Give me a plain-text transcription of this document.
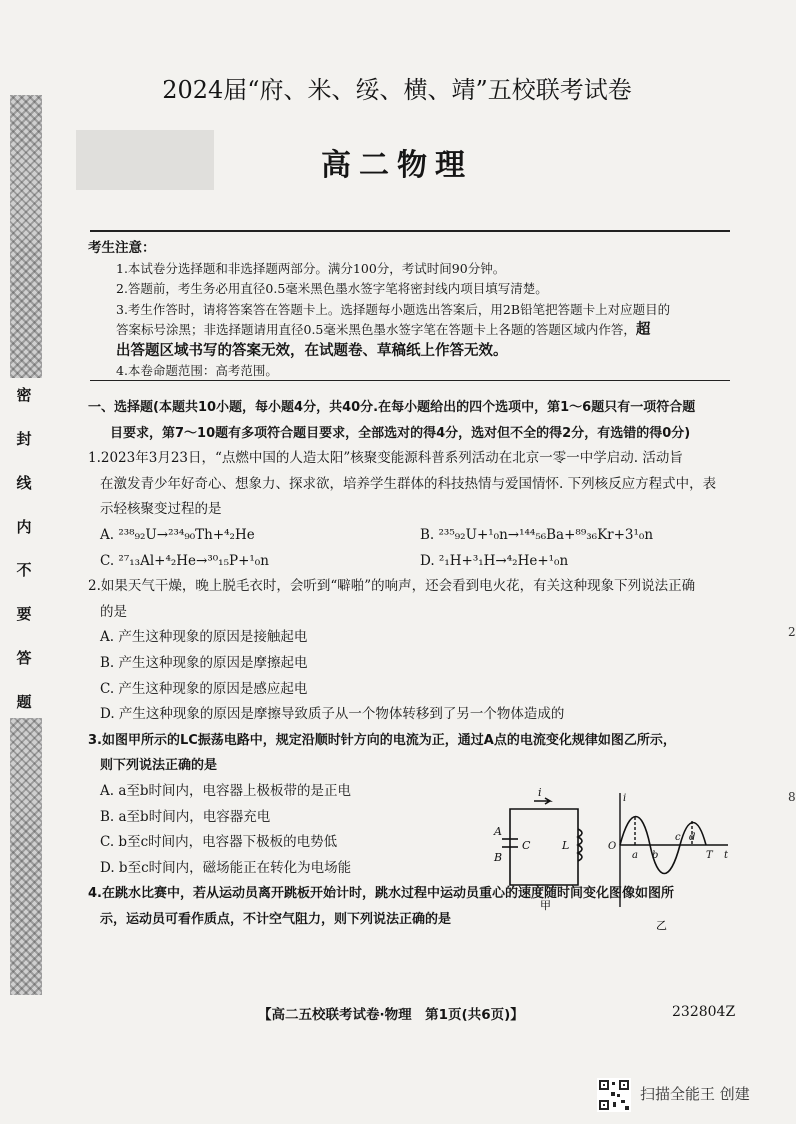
密
封
线
内
不
要
答
题
2024届“府、米、绥、横、靖”五校联考试卷
高二物理
考生注意：
1.本试卷分选择题和非选择题两部分。满分100分，考试时间90分钟。
2.答题前，考生务必用直径0.5毫米黑色墨水签字笔将密封线内项目填写清楚。
3.考生作答时，请将答案答在答题卡上。选择题每小题选出答案后，用2B铅笔把答题卡上对应题目的
答案标号涂黑；非选择题请用直径0.5毫米黑色墨水签字笔在答题卡上各题的答题区域内作答，超
出答题区域书写的答案无效，在试题卷、草稿纸上作答无效。
4.本卷命题范围：高考范围。

一、选择题(本题共10小题，每小题4分，共40分.在每小题给出的四个选项中，第1～6题只有一项符合题

目要求，第7～10题有多项符合题目要求，全部选对的得4分，选对但不全的得2分，有选错的得0分)

1.2023年3月23日，“点燃中国的人造太阳”核聚变能源科普系列活动在北京一零一中学启动. 活动旨

在激发青少年好奇心、想象力、探求欲，培养学生群体的科技热情与爱国情怀. 下列核反应方程式中，表

示轻核聚变过程的是

A. ²³⁸₉₂U→²³⁴₉₀Th+⁴₂He	B. ²³⁵₉₂U+¹₀n→¹⁴⁴₅₆Ba+⁸⁹₃₆Kr+3¹₀n
C. ²⁷₁₃Al+⁴₂He→³⁰₁₅P+¹₀n	D. ²₁H+³₁H→⁴₂He+¹₀n

2.如果天气干燥，晚上脱毛衣时，会听到“噼啪”的响声，还会看到电火花，有关这种现象下列说法正确

的是

A. 产生这种现象的原因是接触起电

B. 产生这种现象的原因是摩擦起电

C. 产生这种现象的原因是感应起电

D. 产生这种现象的原因是摩擦导致质子从一个物体转移到了另一个物体造成的

3.如图甲所示的LC振荡电路中，规定沿顺时针方向的电流为正，通过A点的电流变化规律如图乙所示，

则下列说法正确的是

A. a至b时间内，电容器上极板带的是正电

B. a至b时间内，电容器充电

C. b至c时间内，电容器下极板的电势低

D. b至c时间内，磁场能正在转化为电场能

4.在跳水比赛中，若从运动员离开跳板开始计时，跳水过程中运动员重心的速度随时间变化图像如图所

示，运动员可看作质点，不计空气阻力，则下列说法正确的是

i
A
B
C	L
甲
i
O
a b
c d
T t
乙
【高二五校联考试卷·物理　第1页(共6页)】	232804Z
扫描全能王 创建
2
8
